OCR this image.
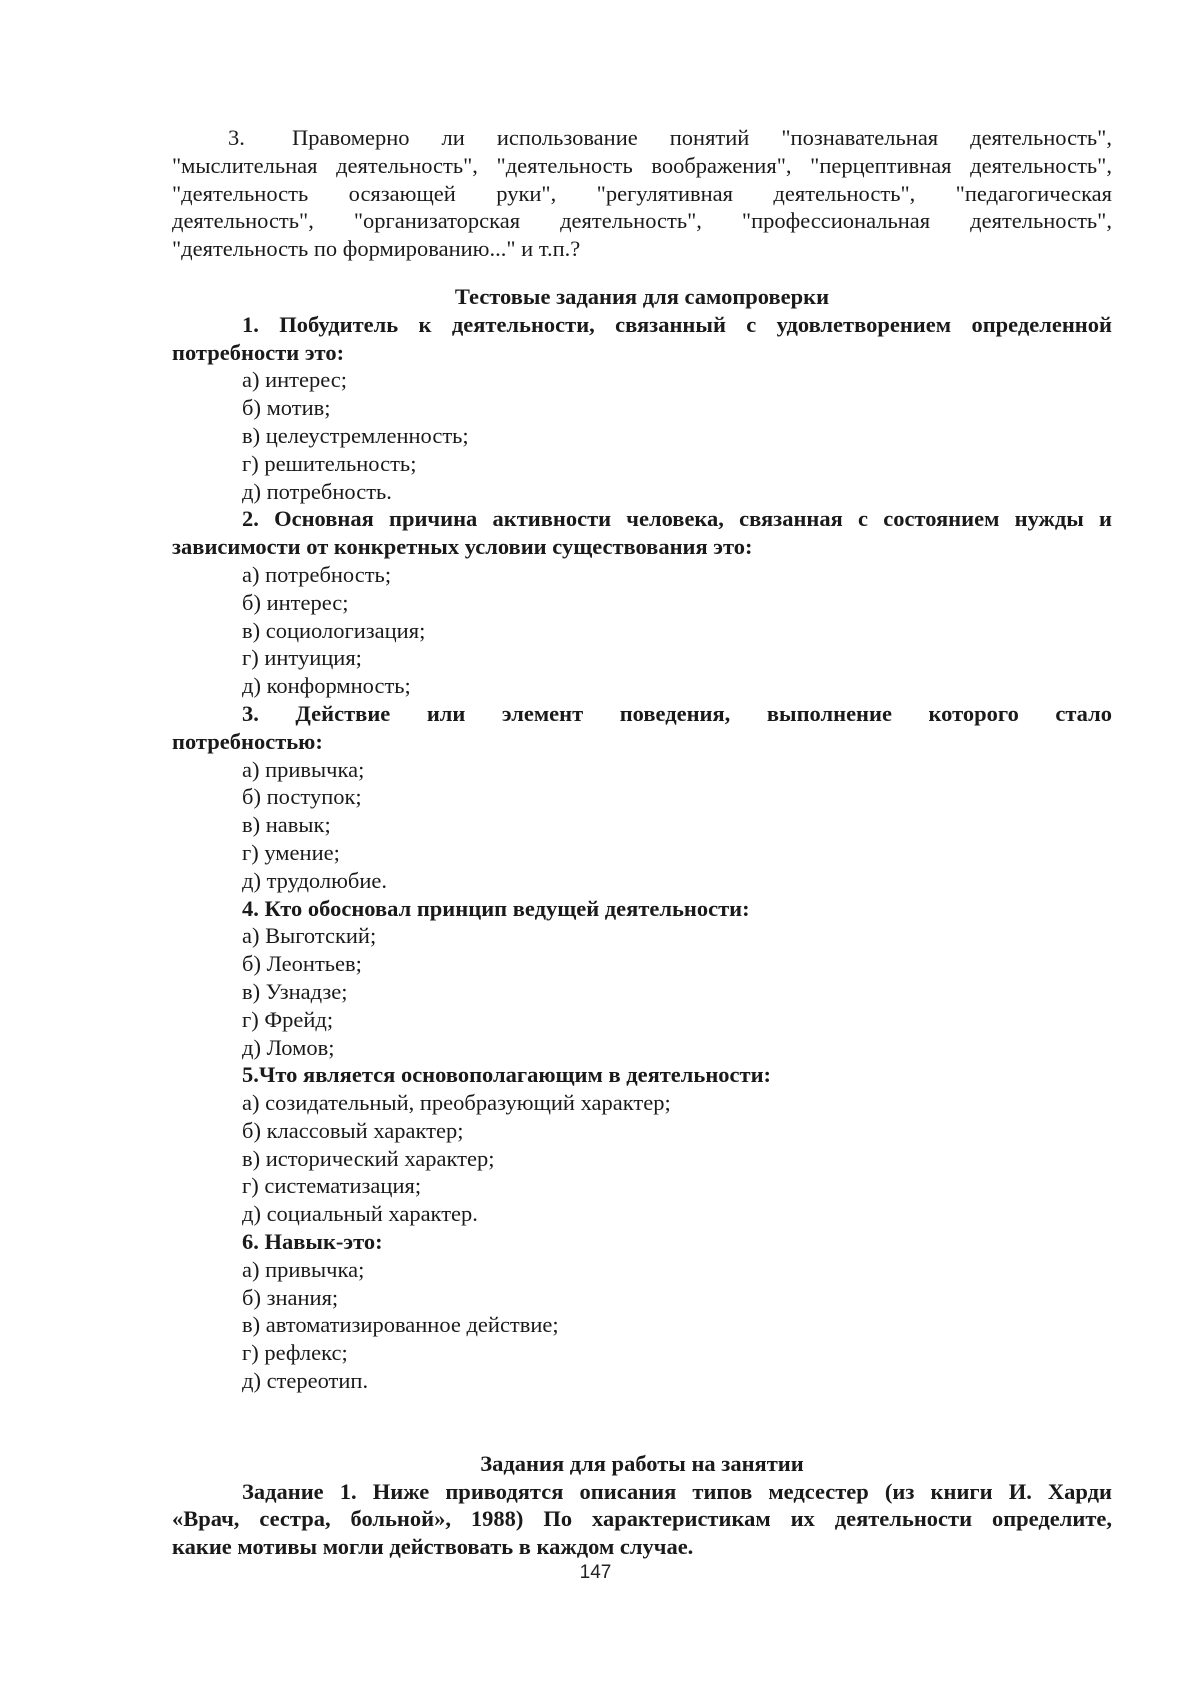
3. Правомерно ли использование понятий "познавательная деятельность",

"мыслительная деятельность", "деятельность воображения", "перцептивная деятельность",

"деятельность осязающей руки", "регулятивная деятельность", "педагогическая

деятельность", "организаторская деятельность", "профессиональная деятельность",

"деятельность по формированию..." и т.п.?

Тестовые задания для самопроверки

1. Побудитель к деятельности, связанный с удовлетворением определенной

потребности это:

а) интерес;

б) мотив;

в) целеустремленность;

г) решительность;

д) потребность.

2. Основная причина активности человека, связанная с состоянием нужды и

зависимости от конкретных условии существования это:

а) потребность;

б) интерес;

в) социологизация;

г) интуиция;

д) конформность;

3. Действие или элемент поведения, выполнение которого стало

потребностью:

а) привычка;

б) поступок;

в) навык;

г) умение;

д) трудолюбие.

4. Кто обосновал принцип ведущей деятельности:

а) Выготский;

б) Леонтьев;

в) Узнадзе;

г) Фрейд;

д) Ломов;

5.Что является основополагающим в деятельности:

а) созидательный, преобразующий характер;

б) классовый характер;

в) исторический характер;

г) систематизация;

д) социальный характер.

6. Навык-это:

а) привычка;

б) знания;

в) автоматизированное действие;

г) рефлекс;

д) стереотип.

Задания для работы на занятии

Задание 1. Ниже приводятся описания типов медсестер (из книги И. Харди

«Врач, сестра, больной», 1988) По характеристикам их деятельности определите,

какие мотивы могли действовать в каждом случае.

147
